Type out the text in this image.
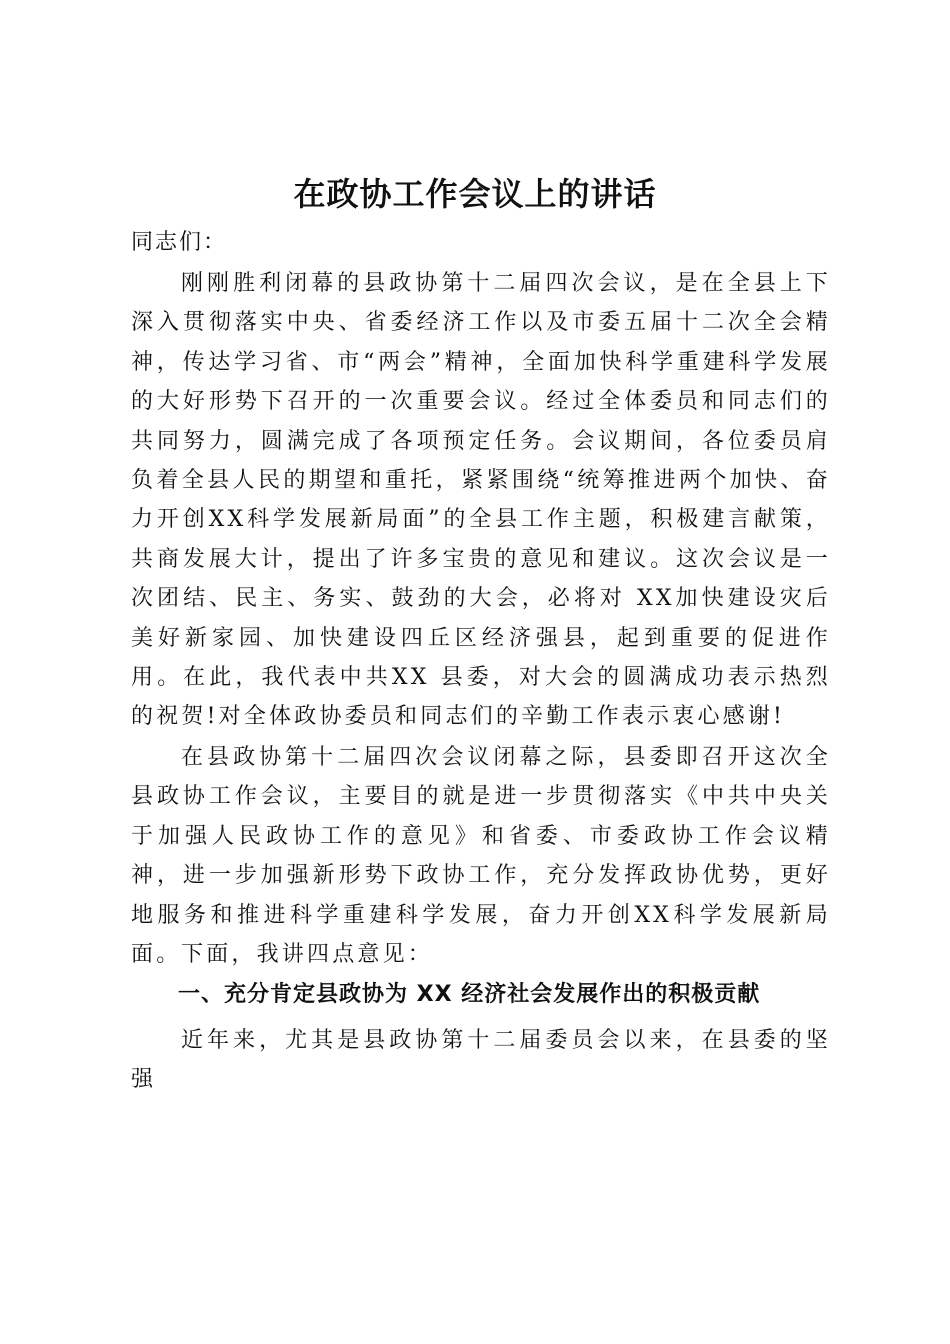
在政协工作会议上的讲话

同志们：

刚刚胜利闭幕的县政协第十二届四次会议，是在全县上下深入贯彻落实中央、省委经济工作以及市委五届十二次全会精神，传达学习省、市“两会”精神，全面加快科学重建科学发展的大好形势下召开的一次重要会议。经过全体委员和同志们的共同努力，圆满完成了各项预定任务。会议期间，各位委员肩负着全县人民的期望和重托，紧紧围绕“统筹推进两个加快、奋力开创XX科学发展新局面”的全县工作主题，积极建言献策，共商发展大计，提出了许多宝贵的意见和建议。这次会议是一次团结、民主、务实、鼓劲的大会，必将对 XX加快建设灾后美好新家园、加快建设四丘区经济强县，起到重要的促进作用。在此，我代表中共XX 县委，对大会的圆满成功表示热烈的祝贺!对全体政协委员和同志们的辛勤工作表示衷心感谢!

在县政协第十二届四次会议闭幕之际，县委即召开这次全县政协工作会议，主要目的就是进一步贯彻落实《中共中央关于加强人民政协工作的意见》和省委、市委政协工作会议精神，进一步加强新形势下政协工作，充分发挥政协优势，更好地服务和推进科学重建科学发展，奋力开创XX科学发展新局面。 下面，我讲四点意见：

一、充分肯定县政协为 XX 经济社会发展作出的积极贡献

近年来，尤其是县政协第十二届委员会以来，在县委的坚强
